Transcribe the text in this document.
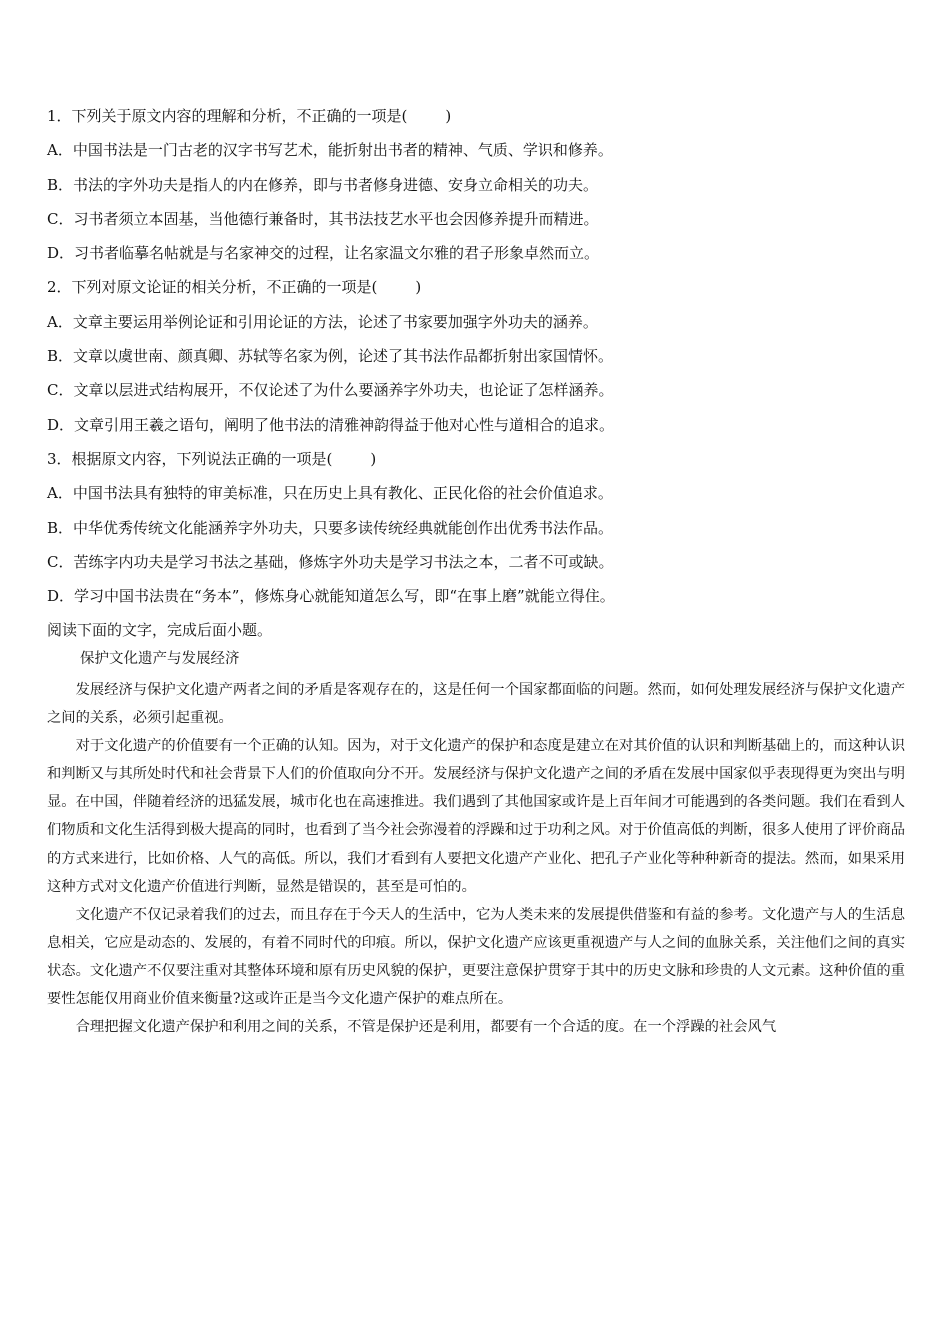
1．下列关于原文内容的理解和分析，不正确的一项是(	)
A．中国书法是一门古老的汉字书写艺术，能折射出书者的精神、气质、学识和修养。
B．书法的字外功夫是指人的内在修养，即与书者修身进德、安身立命相关的功夫。
C．习书者须立本固基，当他德行兼备时，其书法技艺水平也会因修养提升而精进。
D．习书者临摹名帖就是与名家神交的过程，让名家温文尔雅的君子形象卓然而立。
2．下列对原文论证的相关分析，不正确的一项是(	)
A．文章主要运用举例论证和引用论证的方法，论述了书家要加强字外功夫的涵养。
B．文章以虞世南、颜真卿、苏轼等名家为例，论述了其书法作品都折射出家国情怀。
C．文章以层进式结构展开，不仅论述了为什么要涵养字外功夫，也论证了怎样涵养。
D．文章引用王羲之语句，阐明了他书法的清雅神韵得益于他对心性与道相合的追求。
3．根据原文内容，下列说法正确的一项是(	)
A．中国书法具有独特的审美标准，只在历史上具有教化、正民化俗的社会价值追求。
B．中华优秀传统文化能涵养字外功夫，只要多读传统经典就能创作出优秀书法作品。
C．苦练字内功夫是学习书法之基础，修炼字外功夫是学习书法之本，二者不可或缺。
D．学习中国书法贵在“务本”，修炼身心就能知道怎么写，即“在事上磨”就能立得住。
阅读下面的文字，完成后面小题。
保护文化遗产与发展经济

发展经济与保护文化遗产两者之间的矛盾是客观存在的，这是任何一个国家都面临的问题。然而，如何处理发展经济与保护文化遗产之间的关系，必须引起重视。

对于文化遗产的价值要有一个正确的认知。因为，对于文化遗产的保护和态度是建立在对其价值的认识和判断基础上的，而这种认识和判断又与其所处时代和社会背景下人们的价值取向分不开。发展经济与保护文化遗产之间的矛盾在发展中国家似乎表现得更为突出与明显。在中国，伴随着经济的迅猛发展，城市化也在高速推进。我们遇到了其他国家或许是上百年间才可能遇到的各类问题。我们在看到人们物质和文化生活得到极大提高的同时，也看到了当今社会弥漫着的浮躁和过于功利之风。对于价值高低的判断，很多人使用了评价商品的方式来进行，比如价格、人气的高低。所以，我们才看到有人要把文化遗产产业化、把孔子产业化等种种新奇的提法。然而，如果采用这种方式对文化遗产价值进行判断，显然是错误的，甚至是可怕的。

文化遗产不仅记录着我们的过去，而且存在于今天人的生活中，它为人类未来的发展提供借鉴和有益的参考。文化遗产与人的生活息息相关，它应是动态的、发展的，有着不同时代的印痕。所以，保护文化遗产应该更重视遗产与人之间的血脉关系，关注他们之间的真实状态。文化遗产不仅要注重对其整体环境和原有历史风貌的保护，更要注意保护贯穿于其中的历史文脉和珍贵的人文元素。这种价值的重要性怎能仅用商业价值来衡量?这或许正是当今文化遗产保护的难点所在。

合理把握文化遗产保护和利用之间的关系，不管是保护还是利用，都要有一个合适的度。在一个浮躁的社会风气
